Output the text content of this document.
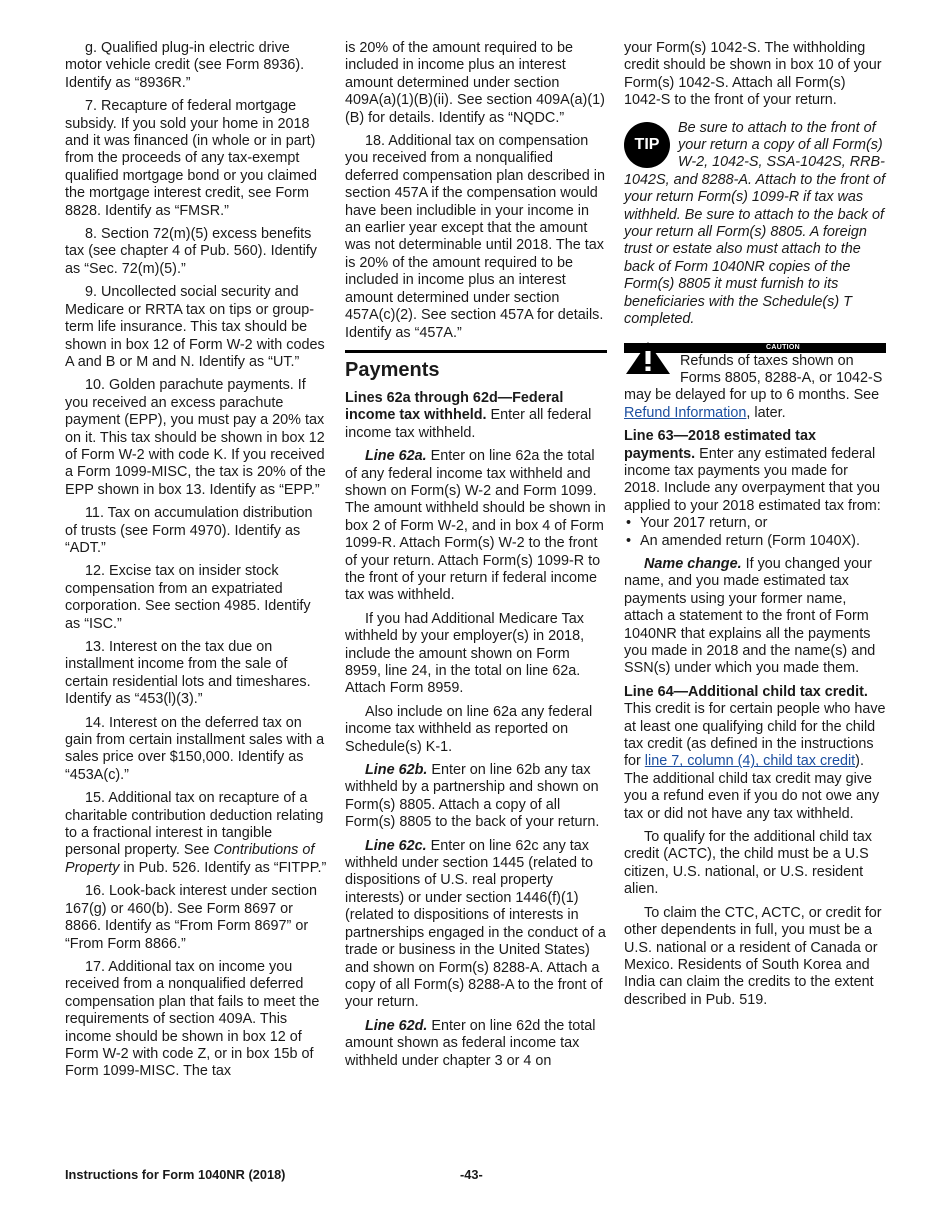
g. Qualified plug-in electric drive motor vehicle credit (see Form 8936). Identify as “8936R.”

7. Recapture of federal mortgage subsidy. If you sold your home in 2018 and it was financed (in whole or in part) from the proceeds of any tax-exempt qualified mortgage bond or you claimed the mortgage interest credit, see Form 8828. Identify as “FMSR.”

8. Section 72(m)(5) excess benefits tax (see chapter 4 of Pub. 560). Identify as “Sec. 72(m)(5).”

9. Uncollected social security and Medicare or RRTA tax on tips or group-term life insurance. This tax should be shown in box 12 of Form W-2 with codes A and B or M and N. Identify as “UT.”

10. Golden parachute payments. If you received an excess parachute payment (EPP), you must pay a 20% tax on it. This tax should be shown in box 12 of Form W-2 with code K. If you received a Form 1099-MISC, the tax is 20% of the EPP shown in box 13. Identify as “EPP.”

11. Tax on accumulation distribution of trusts (see Form 4970). Identify as “ADT.”

12. Excise tax on insider stock compensation from an expatriated corporation. See section 4985. Identify as “ISC.”

13. Interest on the tax due on installment income from the sale of certain residential lots and timeshares. Identify as “453(l)(3).”

14. Interest on the deferred tax on gain from certain installment sales with a sales price over $150,000. Identify as “453A(c).”

15. Additional tax on recapture of a charitable contribution deduction relating to a fractional interest in tangible personal property. See Contributions of Property in Pub. 526. Identify as “FITPP.”

16. Look-back interest under section 167(g) or 460(b). See Form 8697 or 8866. Identify as “From Form 8697” or “From Form 8866.”

17. Additional tax on income you received from a nonqualified deferred compensation plan that fails to meet the requirements of section 409A. This income should be shown in box 12 of Form W-2 with code Z, or in box 15b of Form 1099-MISC. The tax

is 20% of the amount required to be included in income plus an interest amount determined under section 409A(a)(1)(B)(ii). See section 409A(a)(1)(B) for details. Identify as “NQDC.”

18. Additional tax on compensation you received from a nonqualified deferred compensation plan described in section 457A if the compensation would have been includible in your income in an earlier year except that the amount was not determinable until 2018. The tax is 20% of the amount required to be included in income plus an interest amount determined under section 457A(c)(2). See section 457A for details. Identify as “457A.”

Payments

Lines 62a through 62d—Federal income tax withheld. Enter all federal income tax withheld.

Line 62a. Enter on line 62a the total of any federal income tax withheld and shown on Form(s) W-2 and Form 1099. The amount withheld should be shown in box 2 of Form W-2, and in box 4 of Form 1099-R. Attach Form(s) W-2 to the front of your return. Attach Form(s) 1099-R to the front of your return if federal income tax was withheld.

If you had Additional Medicare Tax withheld by your employer(s) in 2018, include the amount shown on Form 8959, line 24, in the total on line 62a. Attach Form 8959.

Also include on line 62a any federal income tax withheld as reported on Schedule(s) K-1.

Line 62b. Enter on line 62b any tax withheld by a partnership and shown on Form(s) 8805. Attach a copy of all Form(s) 8805 to the back of your return.

Line 62c. Enter on line 62c any tax withheld under section 1445 (related to dispositions of U.S. real property interests) or under section 1446(f)(1) (related to dispositions of interests in partnerships engaged in the conduct of a trade or business in the United States) and shown on Form(s) 8288-A. Attach a copy of all Form(s) 8288-A to the front of your return.

Line 62d. Enter on line 62d the total amount shown as federal income tax withheld under chapter 3 or 4 on

your Form(s) 1042-S. The withholding credit should be shown in box 10 of your Form(s) 1042-S. Attach all Form(s) 1042-S to the front of your return.

TIP
Be sure to attach to the front of your return a copy of all Form(s) W-2, 1042-S, SSA-1042S, RRB-1042S, and 8288-A. Attach to the front of your return Form(s) 1099-R if tax was withheld. Be sure to attach to the back of your return all Form(s) 8805. A foreign trust or estate also must attach to the back of Form 1040NR copies of the Form(s) 8805 it must furnish to its beneficiaries with the Schedule(s) T completed.

CAUTION
Refunds of taxes shown on Forms 8805, 8288-A, or 1042-S may be delayed for up to 6 months. See Refund Information, later.

Line 63—2018 estimated tax payments. Enter any estimated federal income tax payments you made for 2018. Include any overpayment that you applied to your 2018 estimated tax from:

• Your 2017 return, or
• An amended return (Form 1040X).

Name change. If you changed your name, and you made estimated tax payments using your former name, attach a statement to the front of Form 1040NR that explains all the payments you made in 2018 and the name(s) and SSN(s) under which you made them.

Line 64—Additional child tax credit. This credit is for certain people who have at least one qualifying child for the child tax credit (as defined in the instructions for line 7, column (4), child tax credit). The additional child tax credit may give you a refund even if you do not owe any tax or did not have any tax withheld.

To qualify for the additional child tax credit (ACTC), the child must be a U.S citizen, U.S. national, or U.S. resident alien.

To claim the CTC, ACTC, or credit for other dependents in full, you must be a U.S. national or a resident of Canada or Mexico. Residents of South Korea and India can claim the credits to the extent described in Pub. 519.

Instructions for Form 1040NR (2018)	-43-
